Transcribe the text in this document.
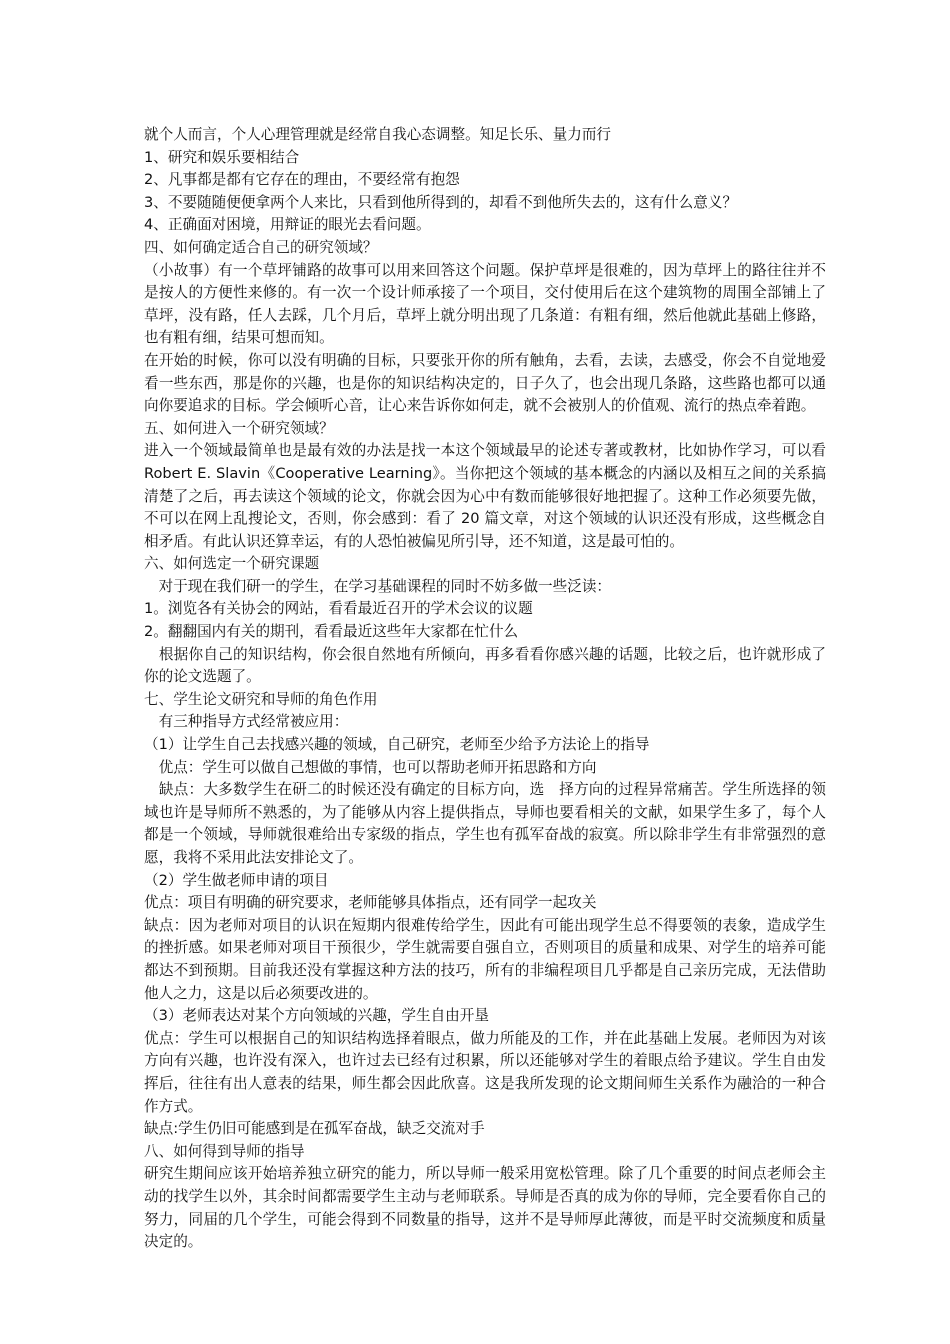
就个人而言，个人心理管理就是经常自我心态调整。知足长乐、量力而行

1、研究和娱乐要相结合

2、凡事都是都有它存在的理由，不要经常有抱怨

3、不要随随便便拿两个人来比，只看到他所得到的，却看不到他所失去的，这有什么意义？

4、正确面对困境，用辩证的眼光去看问题。

四、如何确定适合自己的研究领域？

（小故事）有一个草坪铺路的故事可以用来回答这个问题。保护草坪是很难的，因为草坪上的路往往并不是按人的方便性来修的。有一次一个设计师承接了一个项目，交付使用后在这个建筑物的周围全部铺上了草坪，没有路，任人去踩，几个月后，草坪上就分明出现了几条道：有粗有细，然后他就此基础上修路，也有粗有细，结果可想而知。

在开始的时候，你可以没有明确的目标，只要张开你的所有触角，去看，去读，去感受，你会不自觉地爱看一些东西，那是你的兴趣，也是你的知识结构决定的，日子久了，也会出现几条路，这些路也都可以通向你要追求的目标。学会倾听心音，让心来告诉你如何走，就不会被别人的价值观、流行的热点牵着跑。

五、如何进入一个研究领域？

进入一个领域最简单也是最有效的办法是找一本这个领域最早的论述专著或教材，比如协作学习，可以看 Robert E. Slavin《Cooperative Learning》。当你把这个领域的基本概念的内涵以及相互之间的关系搞清楚了之后，再去读这个领域的论文，你就会因为心中有数而能够很好地把握了。这种工作必须要先做，不可以在网上乱搜论文，否则，你会感到：看了 20 篇文章，对这个领域的认识还没有形成，这些概念自相矛盾。有此认识还算幸运，有的人恐怕被偏见所引导，还不知道，这是最可怕的。

六、如何选定一个研究课题

　对于现在我们研一的学生，在学习基础课程的同时不妨多做一些泛读：

1。浏览各有关协会的网站，看看最近召开的学术会议的议题

2。翻翻国内有关的期刊，看看最近这些年大家都在忙什么

　根据你自己的知识结构，你会很自然地有所倾向，再多看看你感兴趣的话题，比较之后，也许就形成了你的论文选题了。

七、学生论文研究和导师的角色作用

　有三种指导方式经常被应用：

（1）让学生自己去找感兴趣的领域，自己研究，老师至少给予方法论上的指导

　优点：学生可以做自己想做的事情，也可以帮助老师开拓思路和方向

　缺点：大多数学生在研二的时候还没有确定的目标方向，选　择方向的过程异常痛苦。学生所选择的领域也许是导师所不熟悉的，为了能够从内容上提供指点，导师也要看相关的文献，如果学生多了，每个人都是一个领域，导师就很难给出专家级的指点，学生也有孤军奋战的寂寞。所以除非学生有非常强烈的意愿，我将不采用此法安排论文了。

（2）学生做老师申请的项目

优点：项目有明确的研究要求，老师能够具体指点，还有同学一起攻关

缺点：因为老师对项目的认识在短期内很难传给学生，因此有可能出现学生总不得要领的表象，造成学生的挫折感。如果老师对项目干预很少，学生就需要自强自立，否则项目的质量和成果、对学生的培养可能都达不到预期。目前我还没有掌握这种方法的技巧，所有的非编程项目几乎都是自己亲历完成，无法借助他人之力，这是以后必须要改进的。

（3）老师表达对某个方向领域的兴趣，学生自由开垦

优点：学生可以根据自己的知识结构选择着眼点，做力所能及的工作，并在此基础上发展。老师因为对该方向有兴趣，也许没有深入，也许过去已经有过积累，所以还能够对学生的着眼点给予建议。学生自由发挥后，往往有出人意表的结果，师生都会因此欣喜。这是我所发现的论文期间师生关系作为融洽的一种合作方式。

缺点:学生仍旧可能感到是在孤军奋战，缺乏交流对手

八、如何得到导师的指导

研究生期间应该开始培养独立研究的能力，所以导师一般采用宽松管理。除了几个重要的时间点老师会主动的找学生以外，其余时间都需要学生主动与老师联系。导师是否真的成为你的导师，完全要看你自己的努力，同届的几个学生，可能会得到不同数量的指导，这并不是导师厚此薄彼，而是平时交流频度和质量决定的。
